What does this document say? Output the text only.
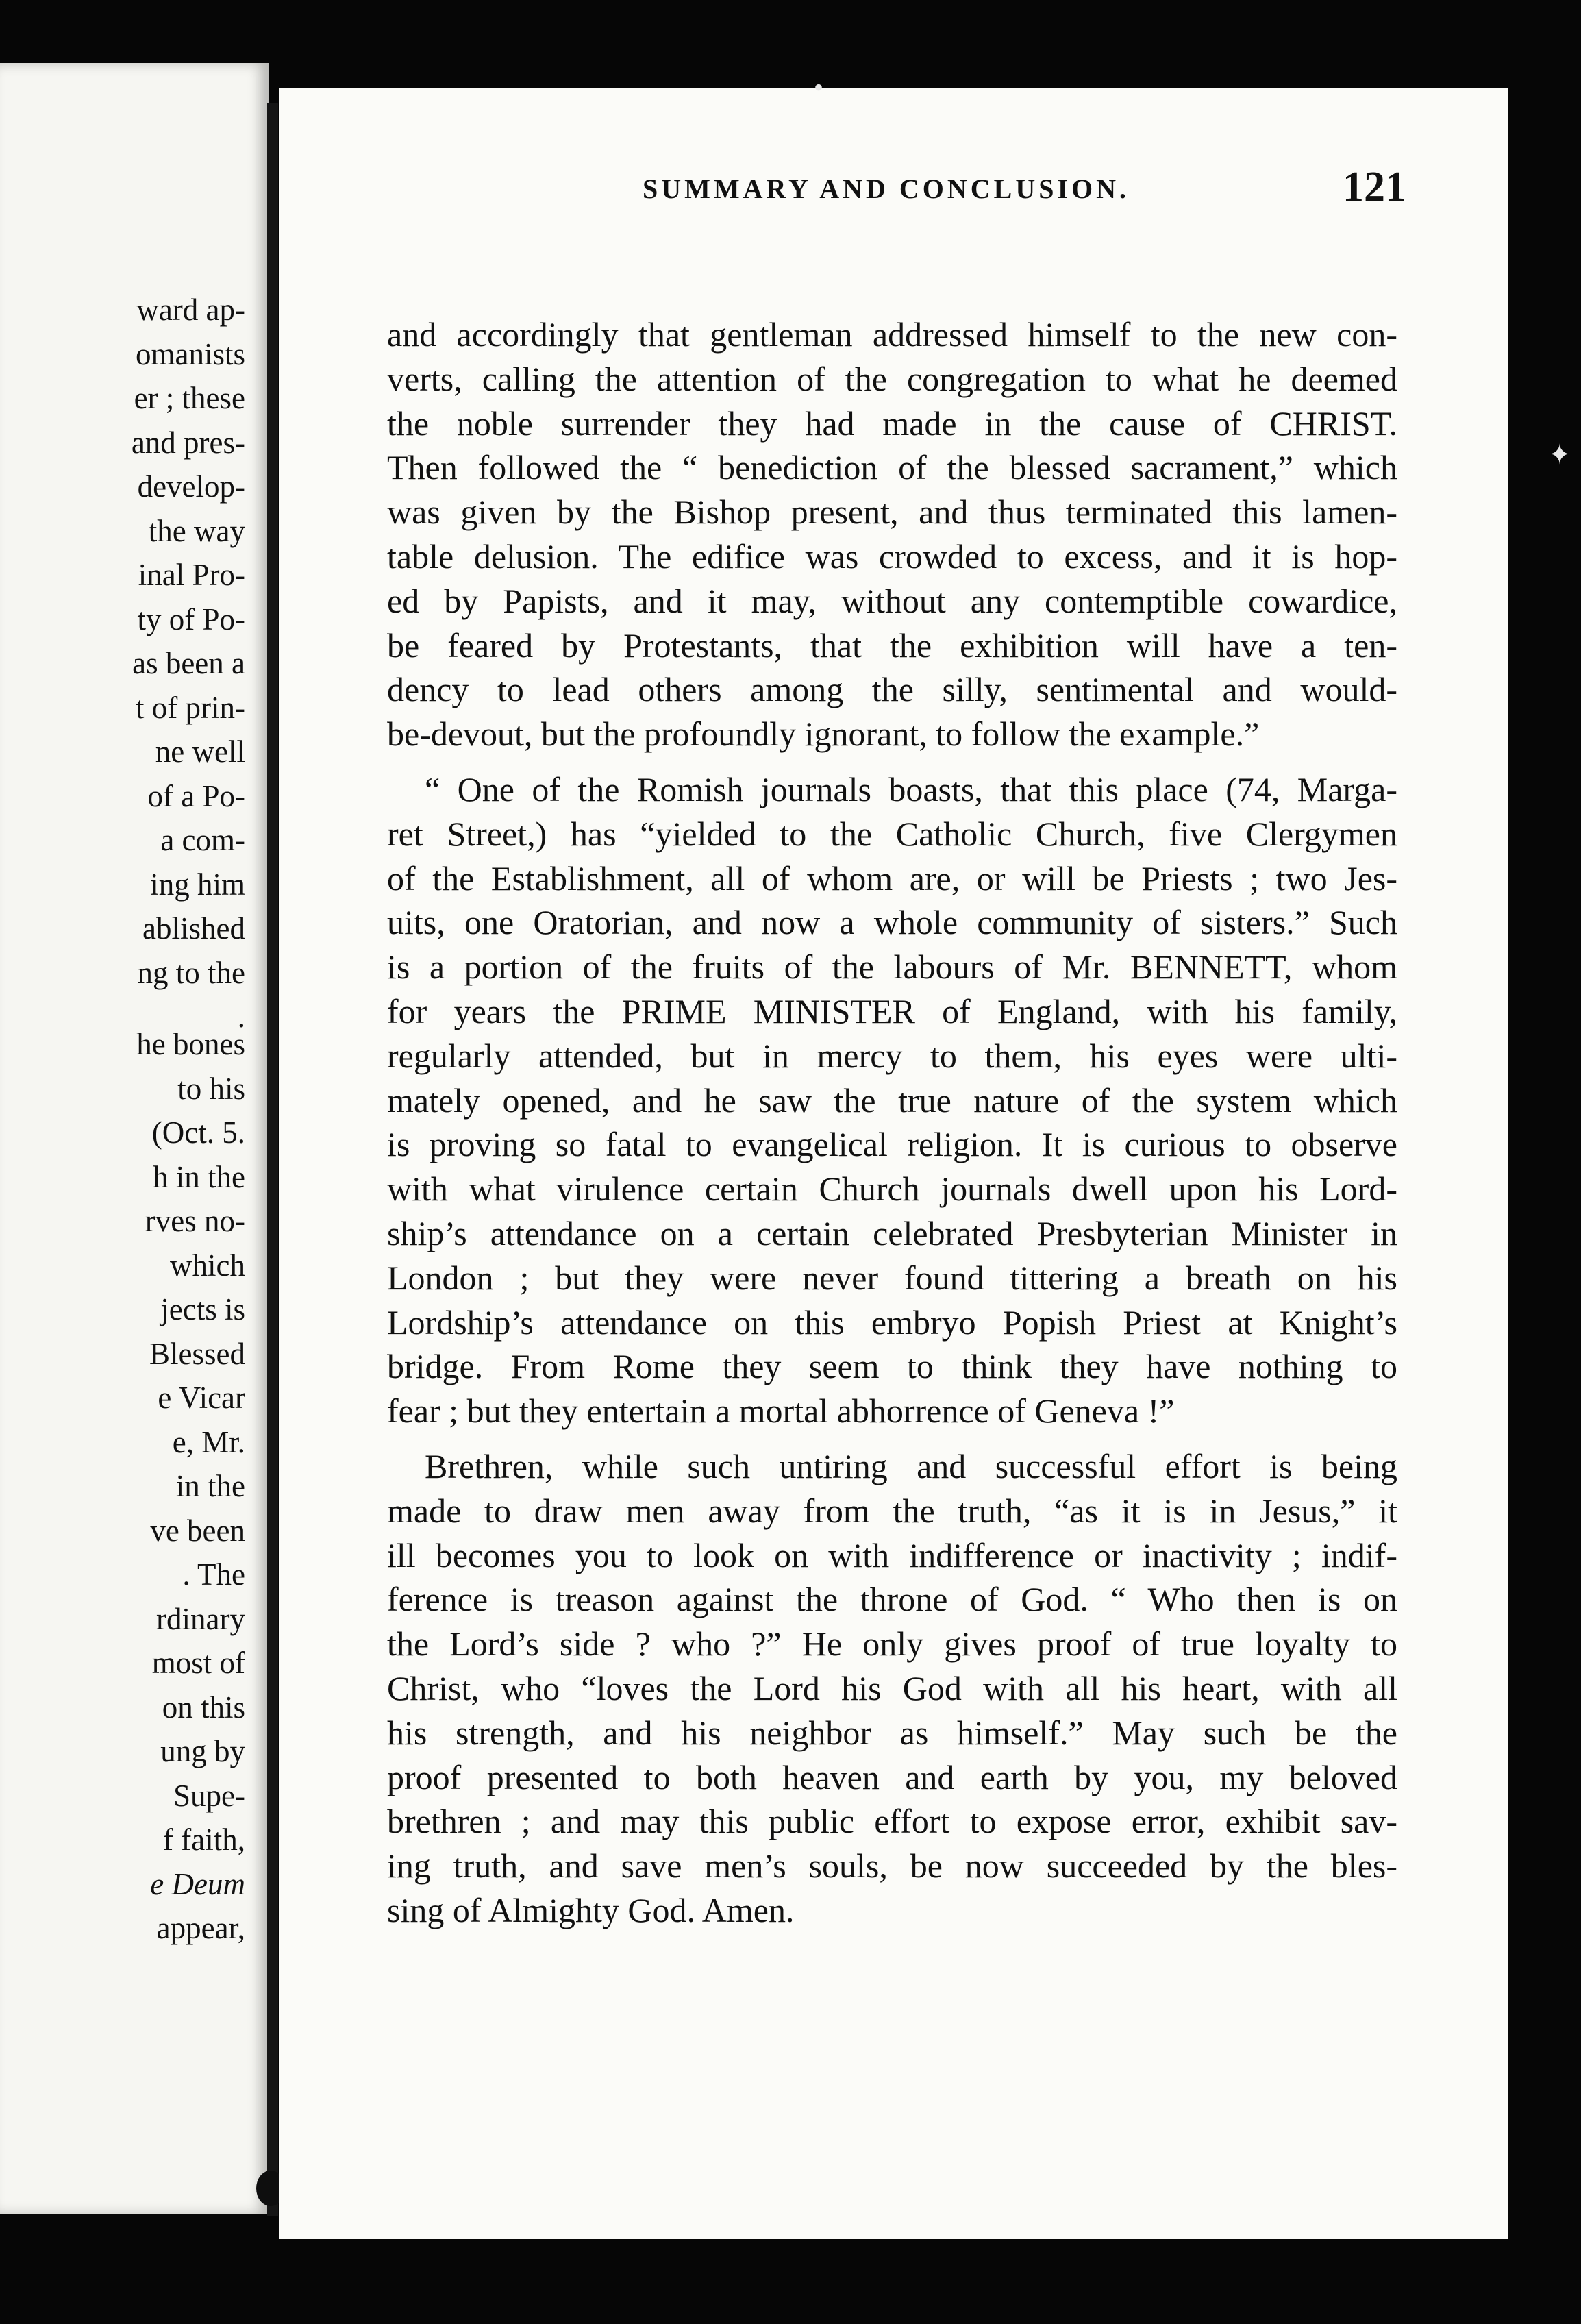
ward ap-
omanists
er ; these
and pres-
develop-
the way
inal Pro-
ty of Po-
as been a
t of prin-
ne well
of a Po-
a com-
ing him
ablished
ng to the
.
he bones
to his
(Oct. 5.
h in the
rves no-
which
jects is
Blessed
e Vicar
e, Mr.
in the
ve been
. The
rdinary
most of
on this
ung by
Supe-
f faith,
e Deum
appear,
SUMMARY AND CONCLUSION.	121
and accordingly that gentleman addressed himself to the new con-
verts, calling the attention of the congregation to what he deemed
the noble surrender they had made in the cause of CHRIST.
Then followed the “ benediction of the blessed sacrament,” which
was given by the Bishop present, and thus terminated this lamen-
table delusion. The edifice was crowded to excess, and it is hop-
ed by Papists, and it may, without any contemptible cowardice,
be feared by Protestants, that the exhibition will have a ten-
dency to lead others among the silly, sentimental and would-
be-devout, but the profoundly ignorant, to follow the example.”
“ One of the Romish journals boasts, that this place (74, Marga-
ret Street,) has “yielded to the Catholic Church, five Clergymen
of the Establishment, all of whom are, or will be Priests ; two Jes-
uits, one Oratorian, and now a whole community of sisters.” Such
is a portion of the fruits of the labours of Mr. BENNETT, whom
for years the PRIME MINISTER of England, with his family,
regularly attended, but in mercy to them, his eyes were ulti-
mately opened, and he saw the true nature of the system which
is proving so fatal to evangelical religion. It is curious to observe
with what virulence certain Church journals dwell upon his Lord-
ship’s attendance on a certain celebrated Presbyterian Minister in
London ; but they were never found tittering a breath on his
Lordship’s attendance on this embryo Popish Priest at Knight’s
bridge. From Rome they seem to think they have nothing to
fear ; but they entertain a mortal abhorrence of Geneva !”
Brethren, while such untiring and successful effort is being
made to draw men away from the truth, “as it is in Jesus,” it
ill becomes you to look on with indifference or inactivity ; indif-
ference is treason against the throne of God. “ Who then is on
the Lord’s side ? who ?” He only gives proof of true loyalty to
Christ, who “loves the Lord his God with all his heart, with all
his strength, and his neighbor as himself.” May such be the
proof presented to both heaven and earth by you, my beloved
brethren ; and may this public effort to expose error, exhibit sav-
ing truth, and save men’s souls, be now succeeded by the bles-
sing of Almighty God. Amen.
✦
•
